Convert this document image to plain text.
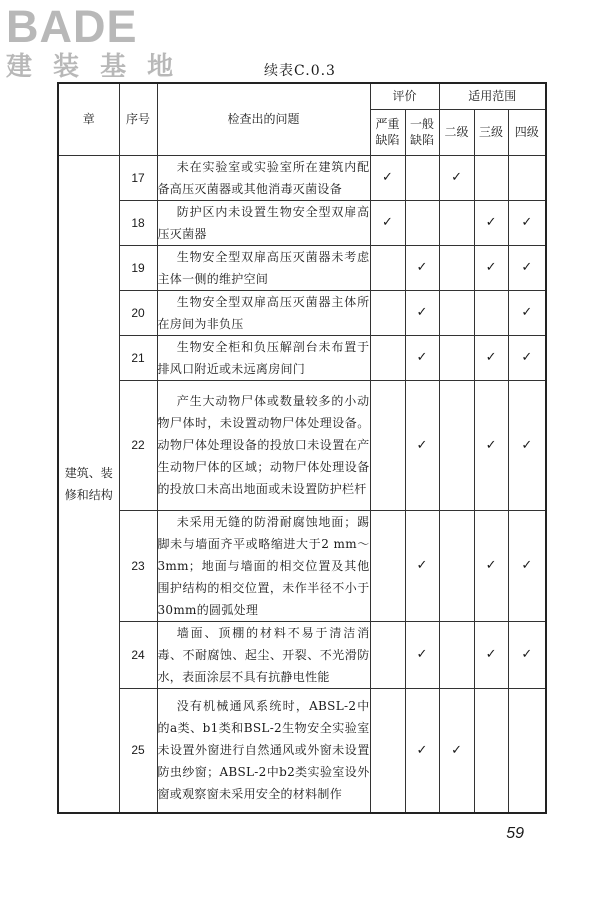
BADE
建 装 基 地	续表C.0.3
章	序号	检查出的问题	评价		适用范围		
			严重缺陷	一般缺陷	二级	三级	四级
建筑、装修和结构	17	未在实验室或实验室所在建筑内配备高压灭菌器或其他消毒灭菌设备	✓		✓		
	18	防护区内未设置生物安全型双扉高压灭菌器	✓			✓	✓
	19	生物安全型双扉高压灭菌器未考虑主体一侧的维护空间		✓		✓	✓
	20	生物安全型双扉高压灭菌器主体所在房间为非负压		✓			✓
	21	生物安全柜和负压解剖台未布置于排风口附近或未远离房间门		✓		✓	✓
	22	产生大动物尸体或数量较多的小动物尸体时，未设置动物尸体处理设备。动物尸体处理设备的投放口未设置在产生动物尸体的区域；动物尸体处理设备的投放口未高出地面或未设置防护栏杆		✓		✓	✓
	23	未采用无缝的防滑耐腐蚀地面；踢脚未与墙面齐平或略缩进大于2 mm～3mm；地面与墙面的相交位置及其他围护结构的相交位置，未作半径不小于30mm的圆弧处理		✓		✓	✓
	24	墙面、顶棚的材料不易于清洁消毒、不耐腐蚀、起尘、开裂、不光滑防水，表面涂层不具有抗静电性能		✓		✓	✓
	25	没有机械通风系统时，ABSL-2中的a类、b1类和BSL-2生物安全实验室未设置外窗进行自然通风或外窗未设置防虫纱窗；ABSL-2中b2类实验室设外窗或观察窗未采用安全的材料制作		✓	✓		
59
